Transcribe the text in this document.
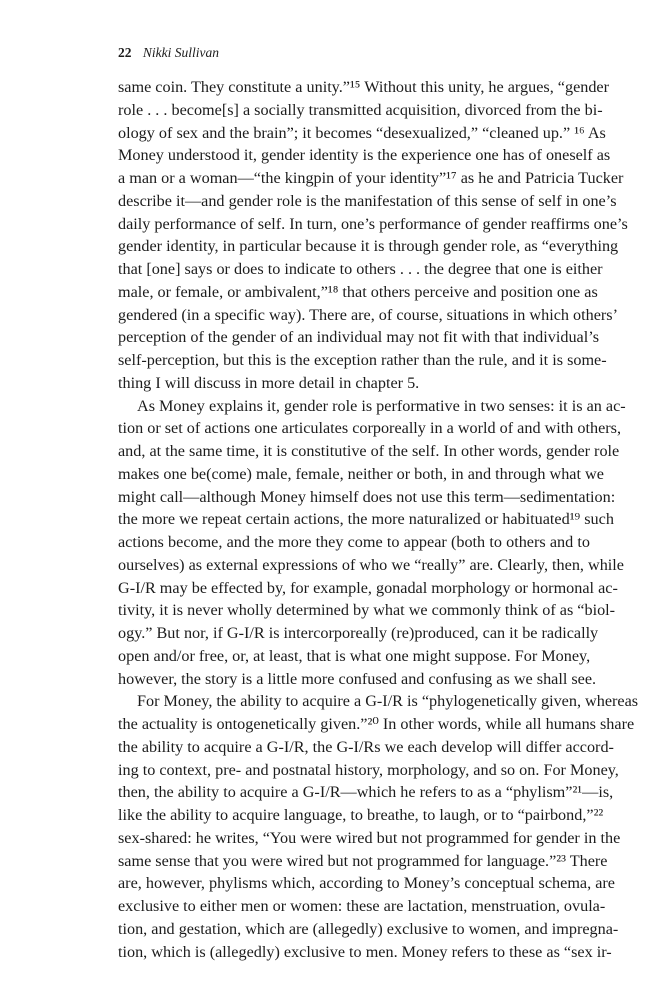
22 Nikki Sullivan
same coin. They constitute a unity.”¹⁵ Without this unity, he argues, “gender
role . . . become[s] a socially transmitted acquisition, divorced from the bi-
ology of sex and the brain”; it becomes “desexualized,” “cleaned up.” ¹⁶ As
Money understood it, gender identity is the experience one has of oneself as
a man or a woman—“the kingpin of your identity”¹⁷ as he and Patricia Tucker
describe it—and gender role is the manifestation of this sense of self in one’s
daily performance of self. In turn, one’s performance of gender reaffirms one’s
gender identity, in particular because it is through gender role, as “everything
that [one] says or does to indicate to others . . . the degree that one is either
male, or female, or ambivalent,”¹⁸ that others perceive and position one as
gendered (in a specific way). There are, of course, situations in which others’
perception of the gender of an individual may not fit with that individual’s
self-perception, but this is the exception rather than the rule, and it is some-
thing I will discuss in more detail in chapter 5.
As Money explains it, gender role is performative in two senses: it is an ac-
tion or set of actions one articulates corporeally in a world of and with others,
and, at the same time, it is constitutive of the self. In other words, gender role
makes one be(come) male, female, neither or both, in and through what we
might call—although Money himself does not use this term—sedimentation:
the more we repeat certain actions, the more naturalized or habituated¹⁹ such
actions become, and the more they come to appear (both to others and to
ourselves) as external expressions of who we “really” are. Clearly, then, while
G-I/R may be effected by, for example, gonadal morphology or hormonal ac-
tivity, it is never wholly determined by what we commonly think of as “biol-
ogy.” But nor, if G-I/R is intercorporeally (re)produced, can it be radically
open and/or free, or, at least, that is what one might suppose. For Money,
however, the story is a little more confused and confusing as we shall see.
For Money, the ability to acquire a G-I/R is “phylogenetically given, whereas
the actuality is ontogenetically given.”²⁰ In other words, while all humans share
the ability to acquire a G-I/R, the G-I/Rs we each develop will differ accord-
ing to context, pre- and postnatal history, morphology, and so on. For Money,
then, the ability to acquire a G-I/R—which he refers to as a “phylism”²¹—is,
like the ability to acquire language, to breathe, to laugh, or to “pairbond,”²²
sex-shared: he writes, “You were wired but not programmed for gender in the
same sense that you were wired but not programmed for language.”²³ There
are, however, phylisms which, according to Money’s conceptual schema, are
exclusive to either men or women: these are lactation, menstruation, ovula-
tion, and gestation, which are (allegedly) exclusive to women, and impregna-
tion, which is (allegedly) exclusive to men. Money refers to these as “sex ir-
